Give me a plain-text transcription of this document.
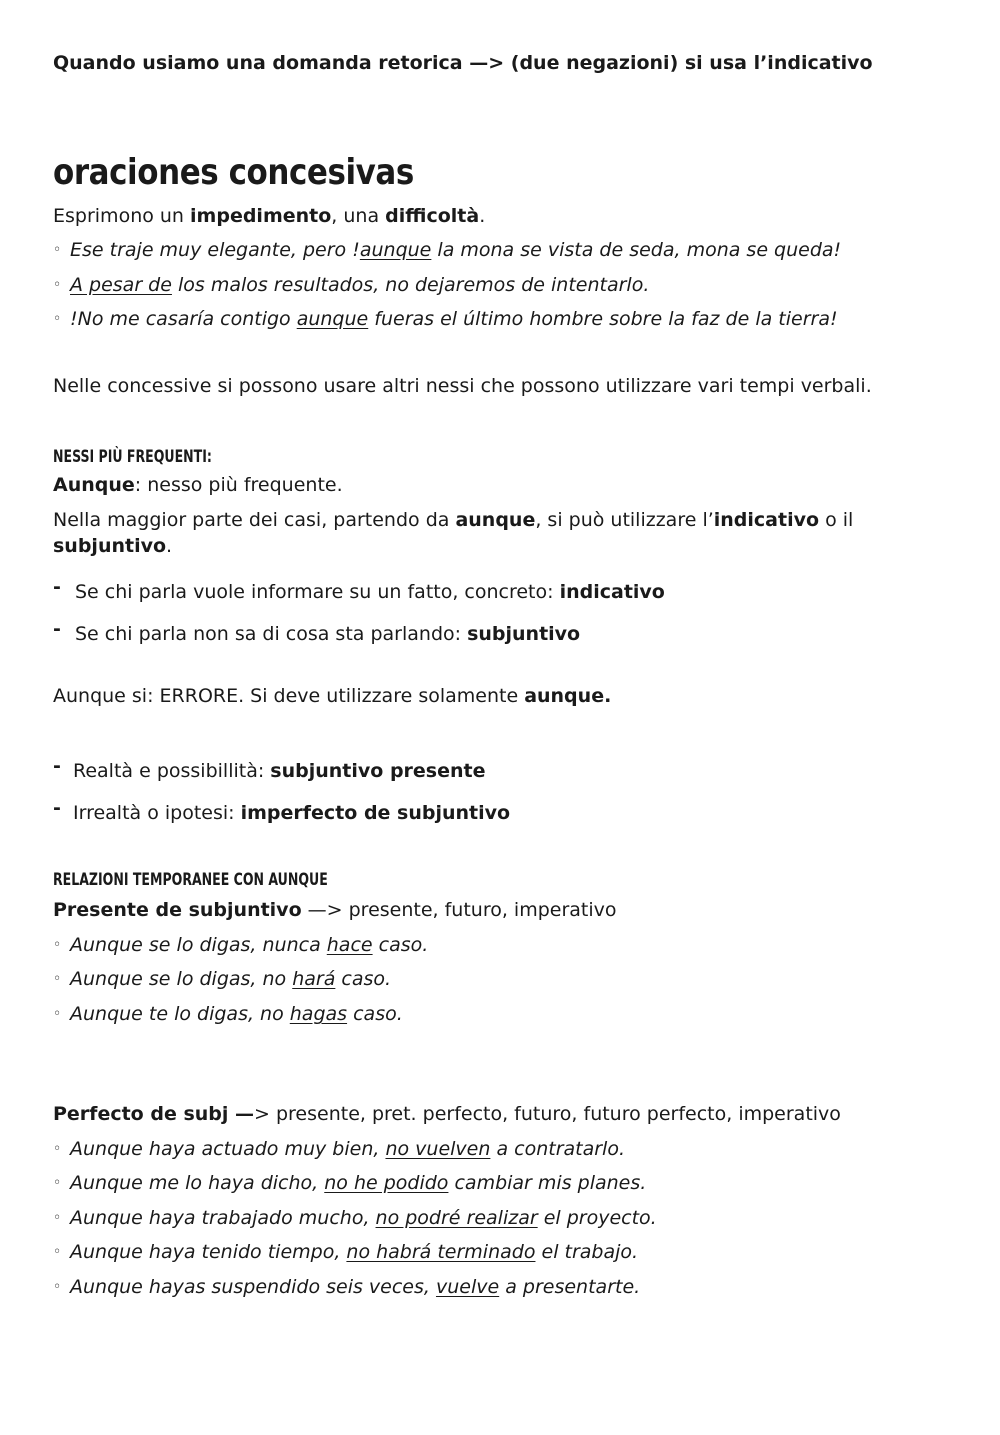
Quando usiamo una domanda retorica —> (due negazioni) si usa l’indicativo
oraciones concesivas
Esprimono un impedimento, una difficoltà.
◦ Ese traje muy elegante, pero !aunque la mona se vista de seda, mona se queda!
◦ A pesar de los malos resultados, no dejaremos de intentarlo.
◦ !No me casaría contigo aunque fueras el último hombre sobre la faz de la tierra!
Nelle concessive si possono usare altri nessi che possono utilizzare vari tempi verbali.
NESSI PIÙ FREQUENTI:
Aunque: nesso più frequente.
Nella maggior parte dei casi, partendo da aunque, si può utilizzare l’indicativo o il subjuntivo.
- Se chi parla vuole informare su un fatto, concreto: indicativo
- Se chi parla non sa di cosa sta parlando: subjuntivo
Aunque si: ERRORE. Si deve utilizzare solamente aunque.
- Realtà e possibillità: subjuntivo presente
- Irrealtà o ipotesi: imperfecto de subjuntivo
RELAZIONI TEMPORANEE CON AUNQUE
Presente de subjuntivo —> presente, futuro, imperativo
◦ Aunque se lo digas, nunca hace caso.
◦ Aunque se lo digas, no hará caso.
◦ Aunque te lo digas, no hagas caso.
Perfecto de subj —> presente, pret. perfecto, futuro, futuro perfecto, imperativo
◦ Aunque haya actuado muy bien, no vuelven a contratarlo.
◦ Aunque me lo haya dicho, no he podido cambiar mis planes.
◦ Aunque haya trabajado mucho, no podré realizar el proyecto.
◦ Aunque haya tenido tiempo, no habrá terminado el trabajo.
◦ Aunque hayas suspendido seis veces, vuelve a presentarte.
